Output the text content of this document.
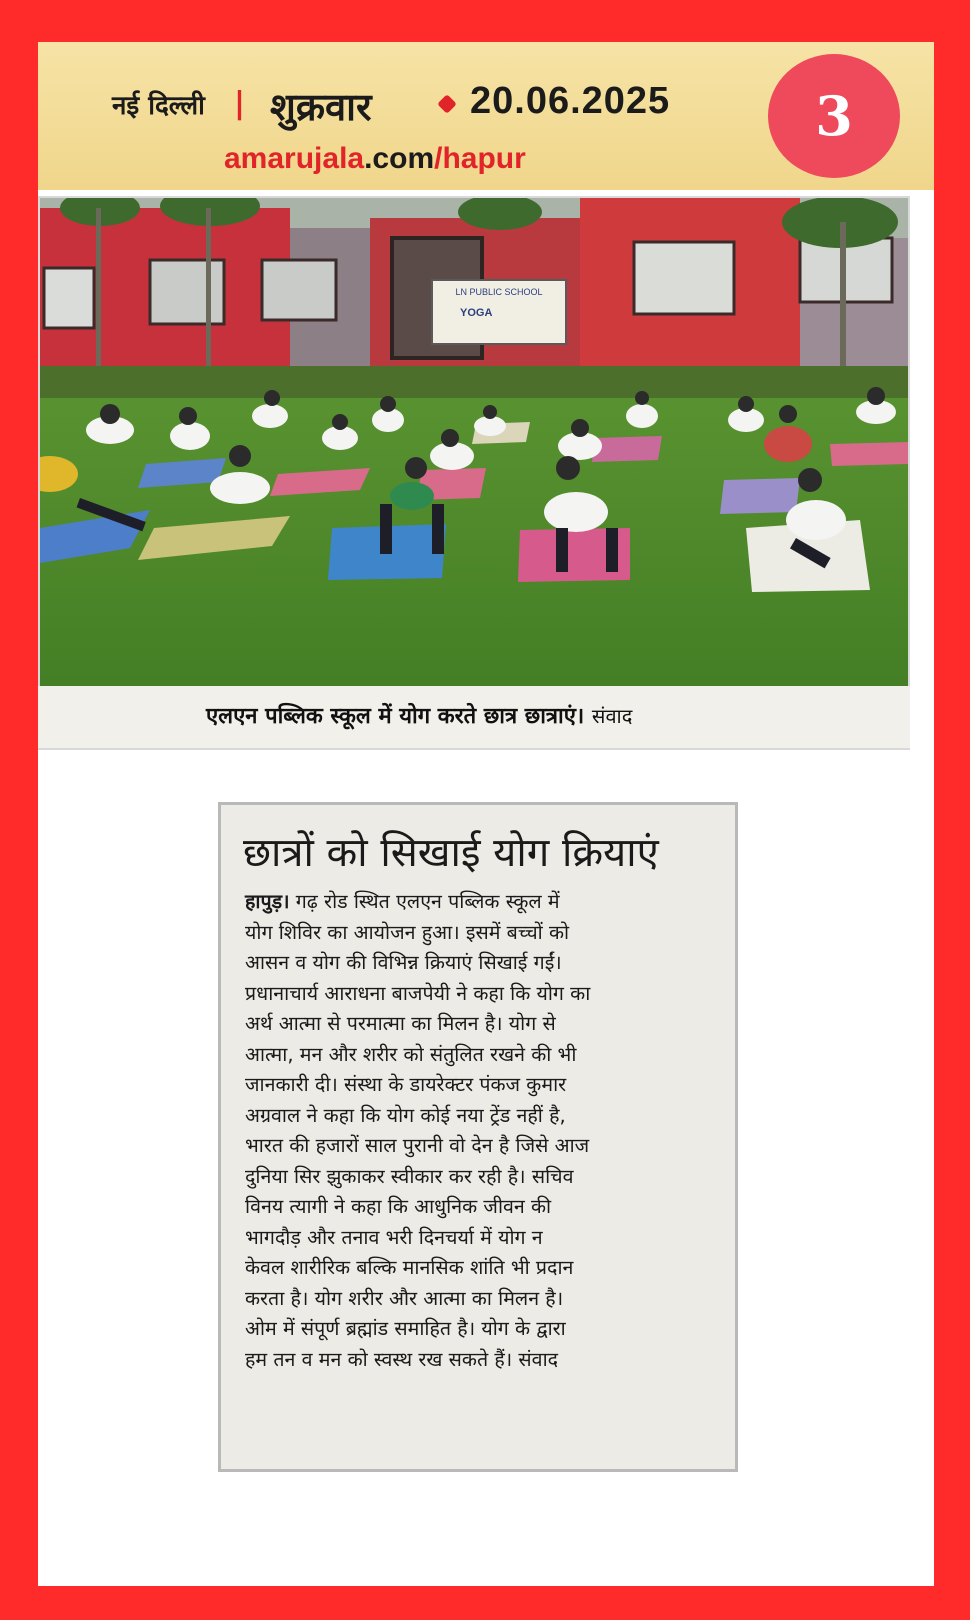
नई दिल्ली | शुक्रवार	20.06.2025
amarujala.com/hapur
3
LN PUBLIC SCHOOL
YOGA
एलएन पब्लिक स्कूल में योग करते छात्र छात्राएं। संवाद
छात्रों को सिखाई योग क्रियाएं
हापुड़। गढ़ रोड स्थित एलएन पब्लिक स्कूल में
योग शिविर का आयोजन हुआ। इसमें बच्चों को
आसन व योग की विभिन्न क्रियाएं सिखाई गईं।
प्रधानाचार्य आराधना बाजपेयी ने कहा कि योग का
अर्थ आत्मा से परमात्मा का मिलन है। योग से
आत्मा, मन और शरीर को संतुलित रखने की भी
जानकारी दी। संस्था के डायरेक्टर पंकज कुमार
अग्रवाल ने कहा कि योग कोई नया ट्रेंड नहीं है,
भारत की हजारों साल पुरानी वो देन है जिसे आज
दुनिया सिर झुकाकर स्वीकार कर रही है। सचिव
विनय त्यागी ने कहा कि आधुनिक जीवन की
भागदौड़ और तनाव भरी दिनचर्या में योग न
केवल शारीरिक बल्कि मानसिक शांति भी प्रदान
करता है। योग शरीर और आत्मा का मिलन है।
ओम में संपूर्ण ब्रह्मांड समाहित है। योग के द्वारा
हम तन व मन को स्वस्थ रख सकते हैं। संवाद
